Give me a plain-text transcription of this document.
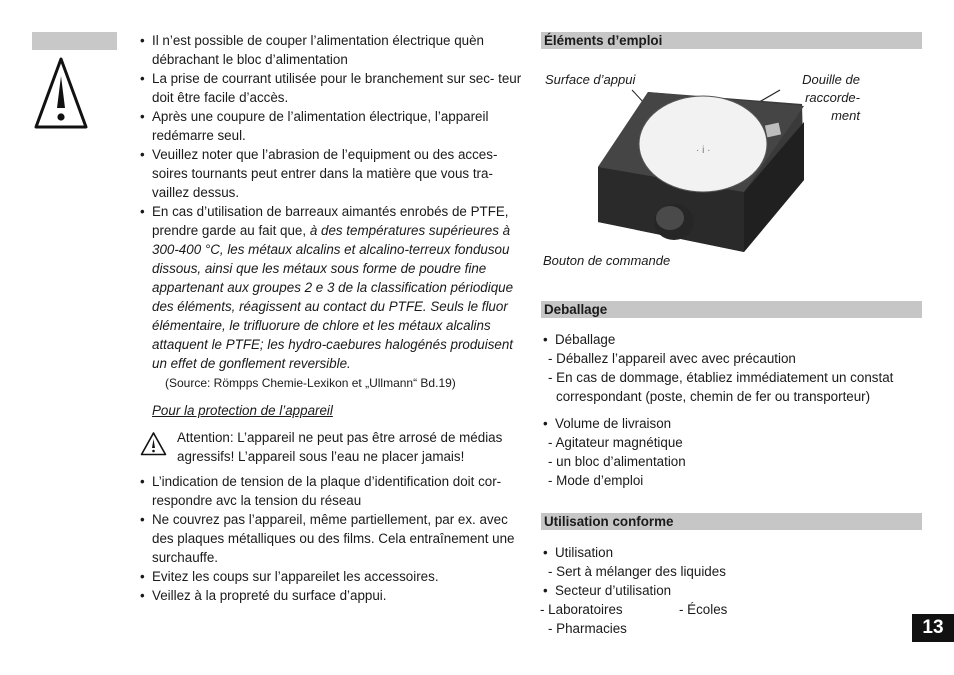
• Il n’est possible de couper l’alimentation électrique quèn débrachant le bloc d’alimentation
• La prise de courrant utilisée pour le branchement sur sec- teur doit être facile d’accès.
• Après une coupure de l’alimentation électrique, l’appareil redémarre seul.
• Veuillez noter que l’abrasion de l’equipment ou des acces- soires tournants peut entrer dans la matière que vous tra- vaillez dessus.
• En cas d’utilisation de barreaux aimantés enrobés de PTFE, prendre garde au fait que, à des températures supérieures à 300-400 °C, les métaux alcalins et alcalino-terreux fondusou dissous, ainsi que les métaux sous forme de poudre fine appartenant aux groupes 2 e 3 de la classification périodique des éléments, réagissent au contact du PTFE. Seuls le fluor élémentaire, le trifluorure de chlore et les métaux alcalins attaquent le PTFE; les hydro-caebures halogénés produisent un effet de gonflement reversible.
(Source: Römpps Chemie-Lexikon et „Ullmann“ Bd.19)
Pour la protection de l’appareil
Attention: L’appareil ne peut pas être arrosé de médias agressifs! L’appareil sous l’eau ne placer jamais!
• L’indication de tension de la plaque d’identification doit cor- respondre avc la tension du réseau
• Ne couvrez pas l’appareil, même partiellement, par ex. avec des plaques métalliques ou des films. Cela entraînement une surchauffe.
• Evitez les coups sur l’appareilet les accessoires.
• Veillez à la propreté du surface d’appui.
Éléments d’emploi
Surface d’appui	Douille de
raccorde-
ment
Bouton de commande
· i ·
Deballage
• Déballage
- Déballez l’appareil avec avec précaution
- En cas de dommage, établiez immédiatement un constat correspondant (poste, chemin de fer ou transporteur)
• Volume de livraison
- Agitateur magnétique
- un bloc d’alimentation
- Mode d’emploi
Utilisation conforme
• Utilisation
- Sert à mélanger des liquides
• Secteur d’utilisation
- Laboratoires	- Écoles
- Pharmacies	13
